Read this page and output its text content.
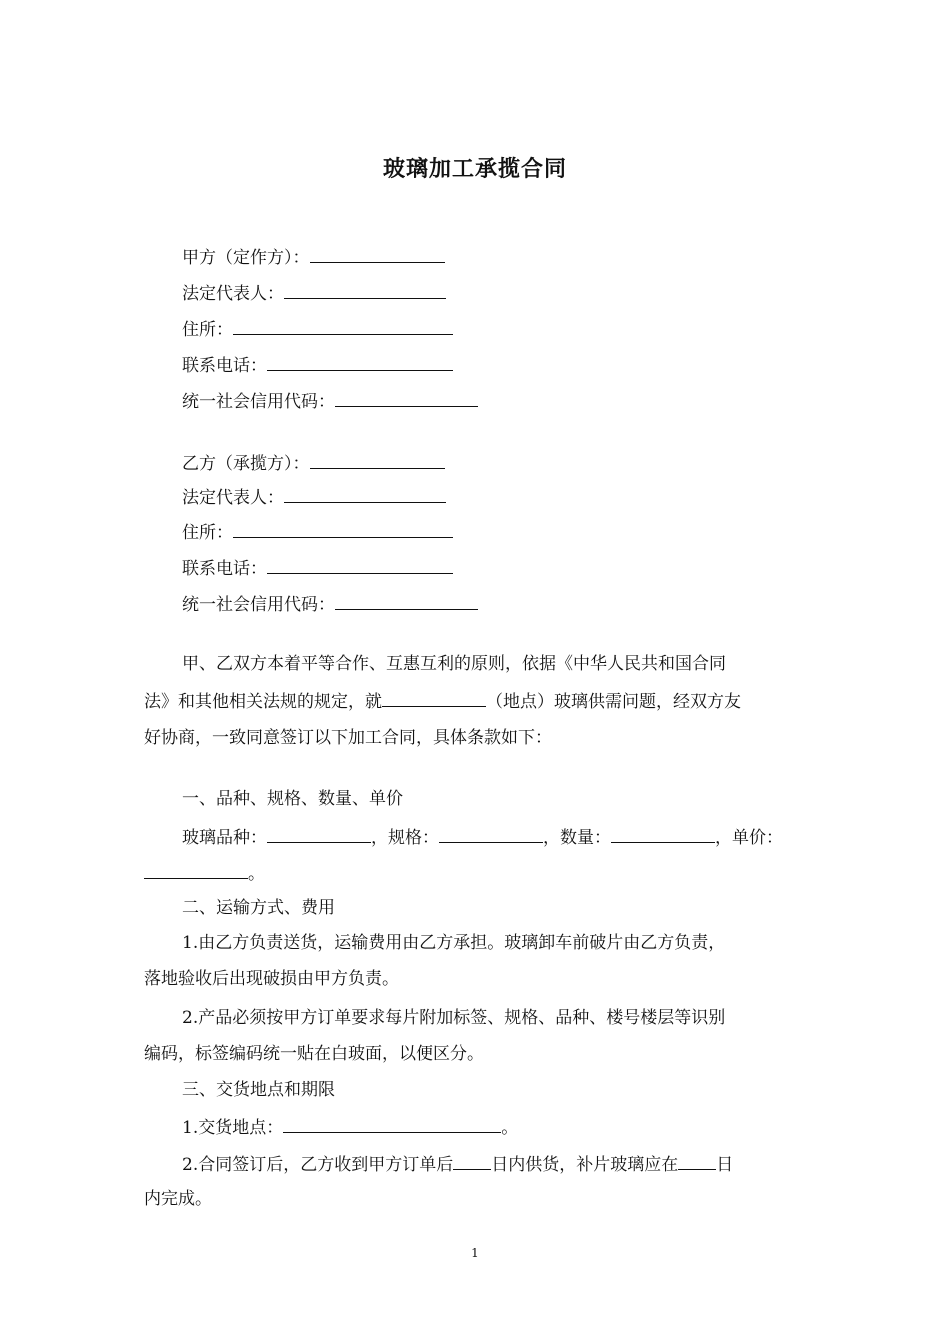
玻璃加工承揽合同
甲方（定作方）：
法定代表人：
住所：
联系电话：
统一社会信用代码：
乙方（承揽方）：
法定代表人：
住所：
联系电话：
统一社会信用代码：
甲、乙双方本着平等合作、互惠互利的原则，依据《中华人民共和国合同
法》和其他相关法规的规定，就	（地点）玻璃供需问题，经双方友
好协商，一致同意签订以下加工合同，具体条款如下：
一、品种、规格、数量、单价
玻璃品种：	，规格：	，数量：	，单价：
。
二、运输方式、费用
1.由乙方负责送货，运输费用由乙方承担。玻璃卸车前破片由乙方负责，
落地验收后出现破损由甲方负责。
2.产品必须按甲方订单要求每片附加标签、规格、品种、楼号楼层等识别
编码，标签编码统一贴在白玻面，以便区分。
三、交货地点和期限
1.交货地点：	。
2.合同签订后，乙方收到甲方订单后 日内供货，补片玻璃应在 日
内完成。
1
